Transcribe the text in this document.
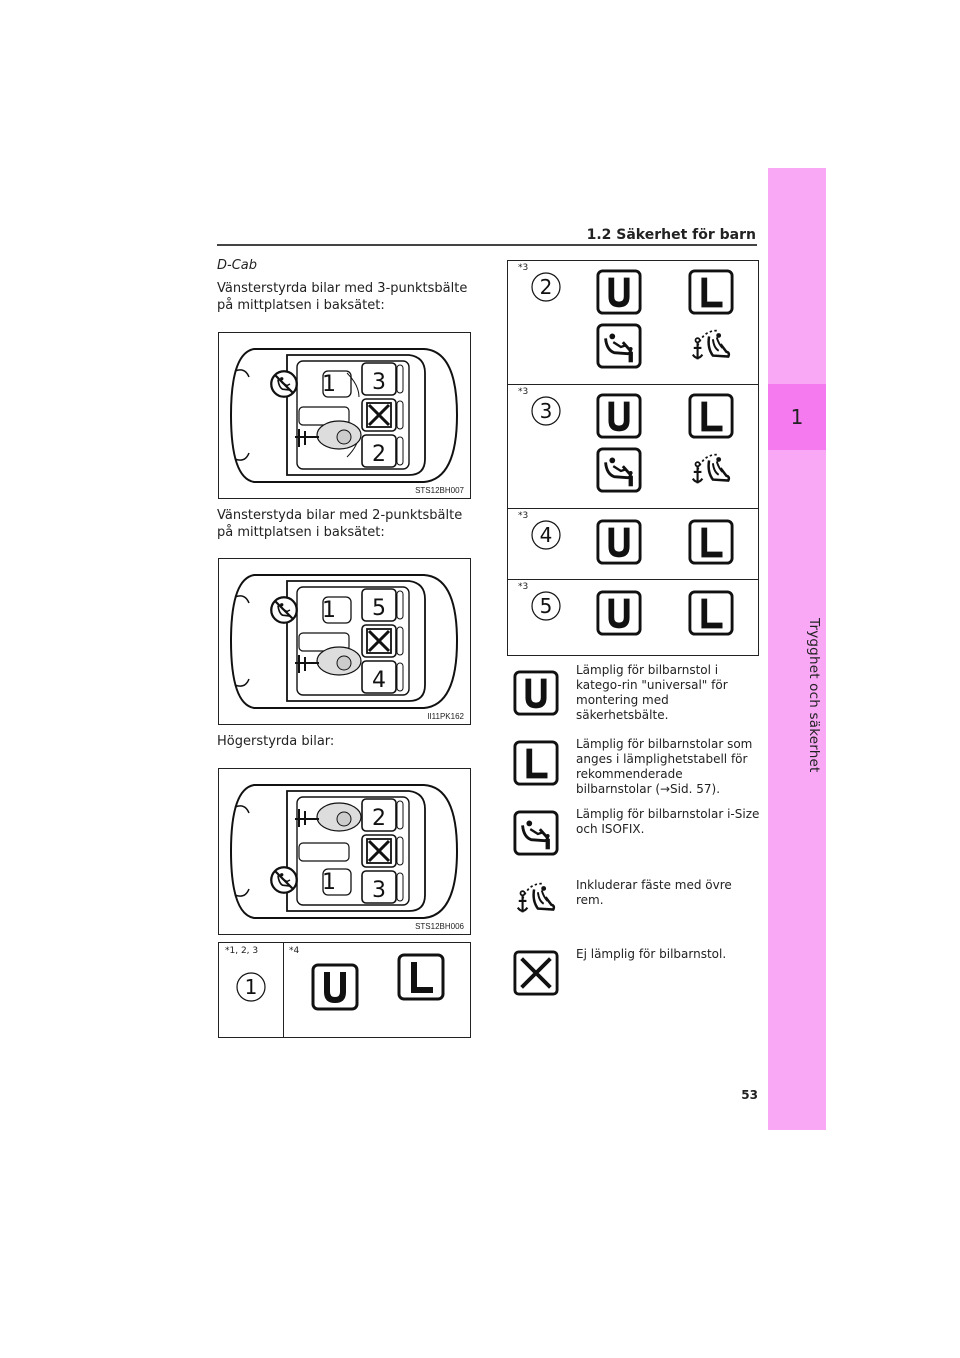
1
Trygghet och säkerhet
1.2 Säkerhet för barn
D-Cab
Vänsterstyrda bilar med 3-punktsbälte på mittplatsen i baksätet:
1 3
2
STS12BH007
Vänsterstyda bilar med 2-punktsbälte på mittplatsen i baksätet:
1 5
4
II11PK162
Högerstyrda bilar:
2
1 3
STS12BH006
*1, 2, 3	*4
1
*3
2
*3
3
*3
4
*3
5
Lämplig för bilbarnstol i katego-rin "universal" för montering med säkerhetsbälte.
Lämplig för bilbarnstolar som anges i lämplighetstabell för rekommenderade bilbarnstolar (→Sid. 57).
Lämplig för bilbarnstolar i-Size och ISOFIX.
Inkluderar fäste med övre rem.
Ej lämplig för bilbarnstol.
53
